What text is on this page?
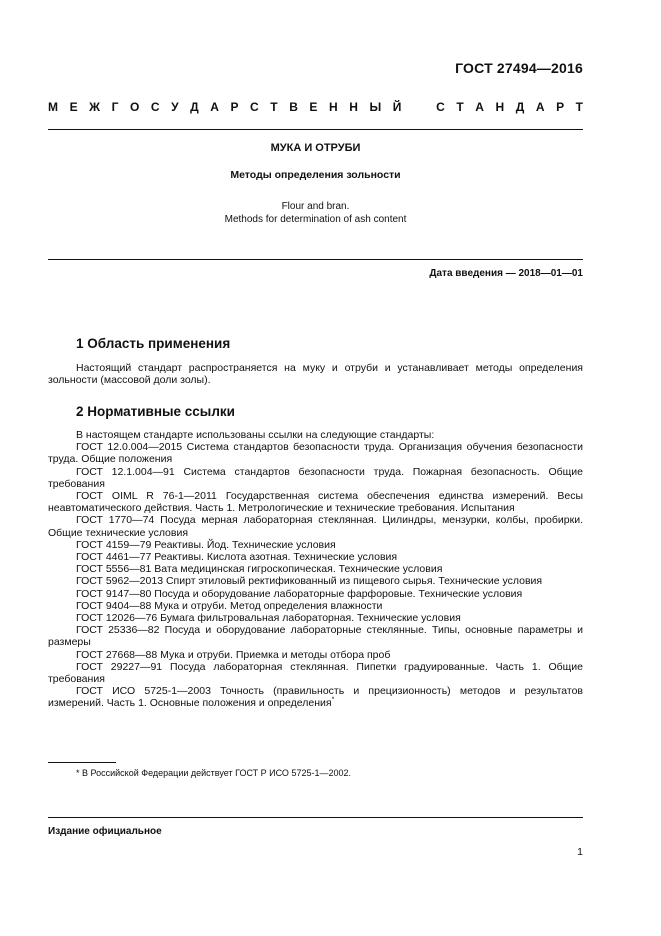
ГОСТ 27494—2016
М Е Ж Г О С У Д А Р С Т В Е Н Н Ы Й	С Т А Н Д А Р Т
МУКА И ОТРУБИ
Методы определения зольности
Flour and bran.
Methods for determination of ash content
Дата введения — 2018—01—01
1 Область применения
Настоящий стандарт распространяется на муку и отруби и устанавливает методы определения зольности (массовой доли золы).
2 Нормативные ссылки

В настоящем стандарте использованы ссылки на следующие стандарты:

ГОСТ 12.0.004—2015 Система стандартов безопасности труда. Организация обучения безопасности труда. Общие положения

ГОСТ 12.1.004—91 Система стандартов безопасности труда. Пожарная безопасность. Общие требования

ГОСТ OIML R 76-1—2011 Государственная система обеспечения единства измерений. Весы неавтоматического действия. Часть 1. Метрологические и технические требования. Испытания

ГОСТ 1770—74 Посуда мерная лабораторная стеклянная. Цилиндры, мензурки, колбы, пробирки. Общие технические условия

ГОСТ 4159—79 Реактивы. Йод. Технические условия

ГОСТ 4461—77 Реактивы. Кислота азотная. Технические условия

ГОСТ 5556—81 Вата медицинская гигроскопическая. Технические условия

ГОСТ 5962—2013 Спирт этиловый ректификованный из пищевого сырья. Технические условия

ГОСТ 9147—80 Посуда и оборудование лабораторные фарфоровые. Технические условия

ГОСТ 9404—88 Мука и отруби. Метод определения влажности

ГОСТ 12026—76 Бумага фильтровальная лабораторная. Технические условия

ГОСТ 25336—82 Посуда и оборудование лабораторные стеклянные. Типы, основные параметры и размеры

ГОСТ 27668—88 Мука и отруби. Приемка и методы отбора проб

ГОСТ 29227—91 Посуда лабораторная стеклянная. Пипетки градуированные. Часть 1. Общие требования

ГОСТ ИСО 5725-1—2003 Точность (правильность и прецизионность) методов и результатов измерений. Часть 1. Основные положения и определения*

* В Российской Федерации действует ГОСТ Р ИСО 5725-1—2002.
Издание официальное
1
